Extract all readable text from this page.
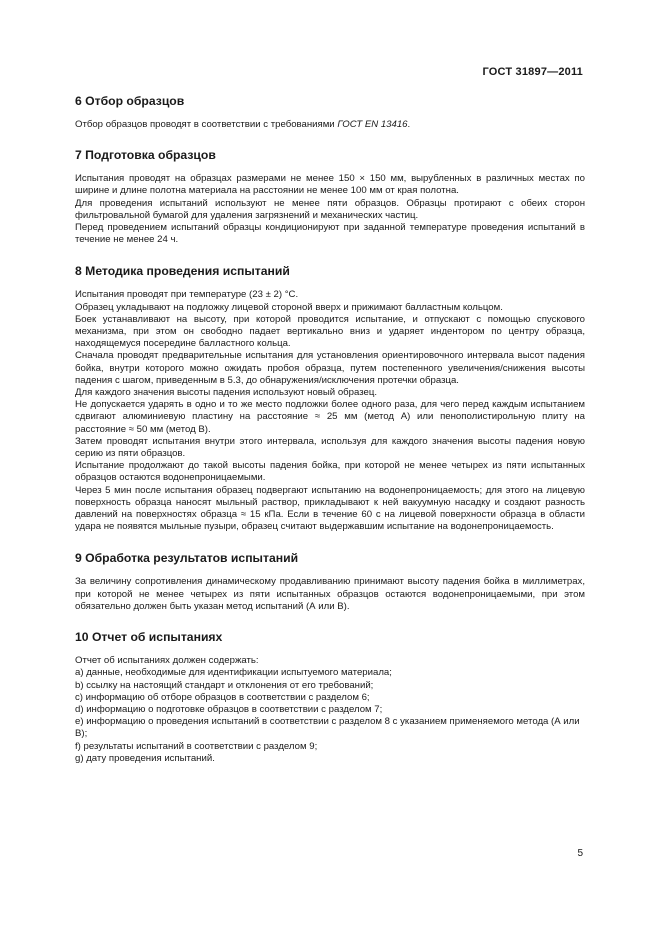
ГОСТ 31897—2011
6 Отбор образцов

Отбор образцов проводят в соответствии с требованиями ГОСТ EN 13416.

7 Подготовка образцов

Испытания проводят на образцах размерами не менее 150 × 150 мм, вырубленных в различных местах по ширине и длине полотна материала на расстоянии не менее 100 мм от края полотна.

Для проведения испытаний используют не менее пяти образцов. Образцы протирают с обеих сторон фильтровальной бумагой для удаления загрязнений и механических частиц.

Перед проведением испытаний образцы кондиционируют при заданной температуре проведения испытаний в течение не менее 24 ч.

8 Методика проведения испытаний

Испытания проводят при температуре (23 ± 2) °C.

Образец укладывают на подложку лицевой стороной вверх и прижимают балластным кольцом.

Боек устанавливают на высоту, при которой проводится испытание, и отпускают с помощью спускового механизма, при этом он свободно падает вертикально вниз и ударяет индентором по центру образца, находящемуся посередине балластного кольца.

Сначала проводят предварительные испытания для установления ориентировочного интервала высот падения бойка, внутри которого можно ожидать пробоя образца, путем постепенного увеличения/снижения высоты падения с шагом, приведенным в 5.3, до обнаружения/исключения протечки образца.

Для каждого значения высоты падения используют новый образец.

Не допускается ударять в одно и то же место подложки более одного раза, для чего перед каждым испытанием сдвигают алюминиевую пластину на расстояние ≈ 25 мм (метод А) или пенополистирольную плиту на расстояние ≈ 50 мм (метод В).

Затем проводят испытания внутри этого интервала, используя для каждого значения высоты падения новую серию из пяти образцов.

Испытание продолжают до такой высоты падения бойка, при которой не менее четырех из пяти испытанных образцов остаются водонепроницаемыми.

Через 5 мин после испытания образец подвергают испытанию на водонепроницаемость; для этого на лицевую поверхность образца наносят мыльный раствор, прикладывают к ней вакуумную насадку и создают разность давлений на поверхностях образца ≈ 15 кПа. Если в течение 60 с на лицевой поверхности образца в области удара не появятся мыльные пузыри, образец считают выдержавшим испытание на водонепроницаемость.

9 Обработка результатов испытаний

За величину сопротивления динамическому продавливанию принимают высоту падения бойка в миллиметрах, при которой не менее четырех из пяти испытанных образцов остаются водонепроницаемыми, при этом обязательно должен быть указан метод испытаний (А или В).

10 Отчет об испытаниях

Отчет об испытаниях должен содержать:

а) данные, необходимые для идентификации испытуемого материала;

b) ссылку на настоящий стандарт и отклонения от его требований;

c) информацию об отборе образцов в соответствии с разделом 6;

d) информацию о подготовке образцов в соответствии с разделом 7;

e) информацию о проведения испытаний в соответствии с разделом 8 с указанием применяемого метода (А или В);

f) результаты испытаний в соответствии с разделом 9;

g) дату проведения испытаний.

5
